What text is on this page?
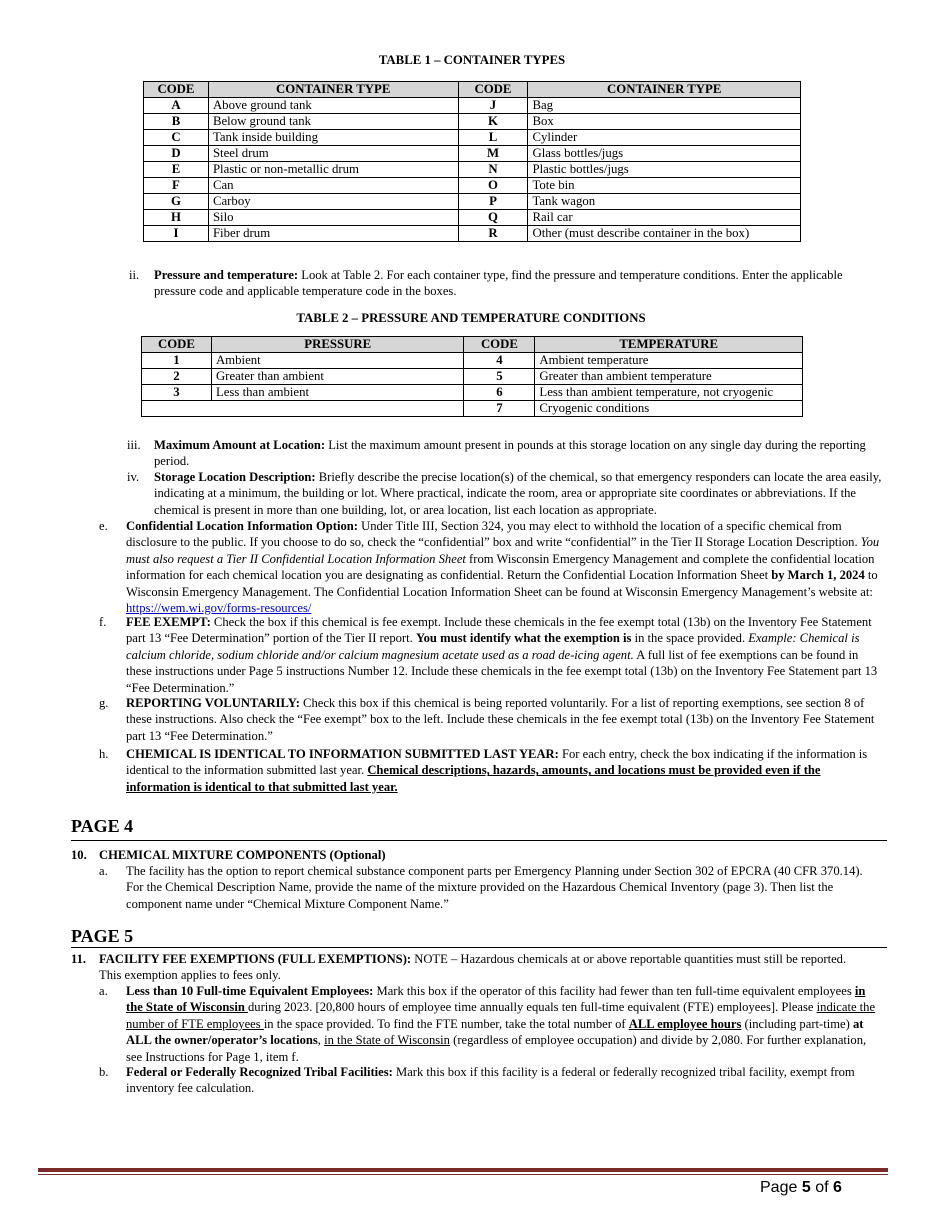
TABLE 1 – CONTAINER TYPES
CODE	CONTAINER TYPE	CODE	CONTAINER TYPE
A	Above ground tank	J	Bag
B	Below ground tank	K	Box
C	Tank inside building	L	Cylinder
D	Steel drum	M	Glass bottles/jugs
E	Plastic or non-metallic drum	N	Plastic bottles/jugs
F	Can	O	Tote bin
G	Carboy	P	Tank wagon
H	Silo	Q	Rail car
I	Fiber drum	R	Other (must describe container in the box)
ii. Pressure and temperature: Look at Table 2. For each container type, find the pressure and temperature conditions. Enter the applicable pressure code and applicable temperature code in the boxes.
TABLE 2 – PRESSURE AND TEMPERATURE CONDITIONS
CODE	PRESSURE	CODE	TEMPERATURE
1	Ambient	4	Ambient temperature
2	Greater than ambient	5	Greater than ambient temperature
3	Less than ambient	6	Less than ambient temperature, not cryogenic
		7	Cryogenic conditions
iii. Maximum Amount at Location: List the maximum amount present in pounds at this storage location on any single day during the reporting period.
iv. Storage Location Description: Briefly describe the precise location(s) of the chemical, so that emergency responders can locate the area easily, indicating at a minimum, the building or lot. Where practical, indicate the room, area or appropriate site coordinates or abbreviations. If the chemical is present in more than one building, lot, or area location, list each location as appropriate.
e. Confidential Location Information Option: Under Title III, Section 324, you may elect to withhold the location of a specific chemical from disclosure to the public. If you choose to do so, check the “confidential” box and write “confidential” in the Tier II Storage Location Description. You must also request a Tier II Confidential Location Information Sheet from Wisconsin Emergency Management and complete the confidential location information for each chemical location you are designating as confidential. Return the Confidential Location Information Sheet by March 1, 2024 to Wisconsin Emergency Management. The Confidential Location Information Sheet can be found at Wisconsin Emergency Management’s website at: https://wem.wi.gov/forms-resources/
f. FEE EXEMPT: Check the box if this chemical is fee exempt. Include these chemicals in the fee exempt total (13b) on the Inventory Fee Statement part 13 “Fee Determination” portion of the Tier II report. You must identify what the exemption is in the space provided. Example: Chemical is calcium chloride, sodium chloride and/or calcium magnesium acetate used as a road de-icing agent. A full list of fee exemptions can be found in these instructions under Page 5 instructions Number 12. Include these chemicals in the fee exempt total (13b) on the Inventory Fee Statement part 13 “Fee Determination.”
g. REPORTING VOLUNTARILY: Check this box if this chemical is being reported voluntarily. For a list of reporting exemptions, see section 8 of these instructions. Also check the “Fee exempt” box to the left. Include these chemicals in the fee exempt total (13b) on the Inventory Fee Statement part 13 “Fee Determination.”
h. CHEMICAL IS IDENTICAL TO INFORMATION SUBMITTED LAST YEAR: For each entry, check the box indicating if the information is identical to the information submitted last year. Chemical descriptions, hazards, amounts, and locations must be provided even if the information is identical to that submitted last year.
PAGE 4
10. CHEMICAL MIXTURE COMPONENTS (Optional)
a. The facility has the option to report chemical substance component parts per Emergency Planning under Section 302 of EPCRA (40 CFR 370.14). For the Chemical Description Name, provide the name of the mixture provided on the Hazardous Chemical Inventory (page 3). Then list the component name under “Chemical Mixture Component Name.”
PAGE 5
11. FACILITY FEE EXEMPTIONS (FULL EXEMPTIONS): NOTE – Hazardous chemicals at or above reportable quantities must still be reported. This exemption applies to fees only.
a. Less than 10 Full-time Equivalent Employees: Mark this box if the operator of this facility had fewer than ten full-time equivalent employees in the State of Wisconsin during 2023. [20,800 hours of employee time annually equals ten full-time equivalent (FTE) employees]. Please indicate the number of FTE employees in the space provided. To find the FTE number, take the total number of ALL employee hours (including part-time) at ALL the owner/operator’s locations, in the State of Wisconsin (regardless of employee occupation) and divide by 2,080. For further explanation, see Instructions for Page 1, item f.
b. Federal or Federally Recognized Tribal Facilities: Mark this box if this facility is a federal or federally recognized tribal facility, exempt from inventory fee calculation.
Page 5 of 6
